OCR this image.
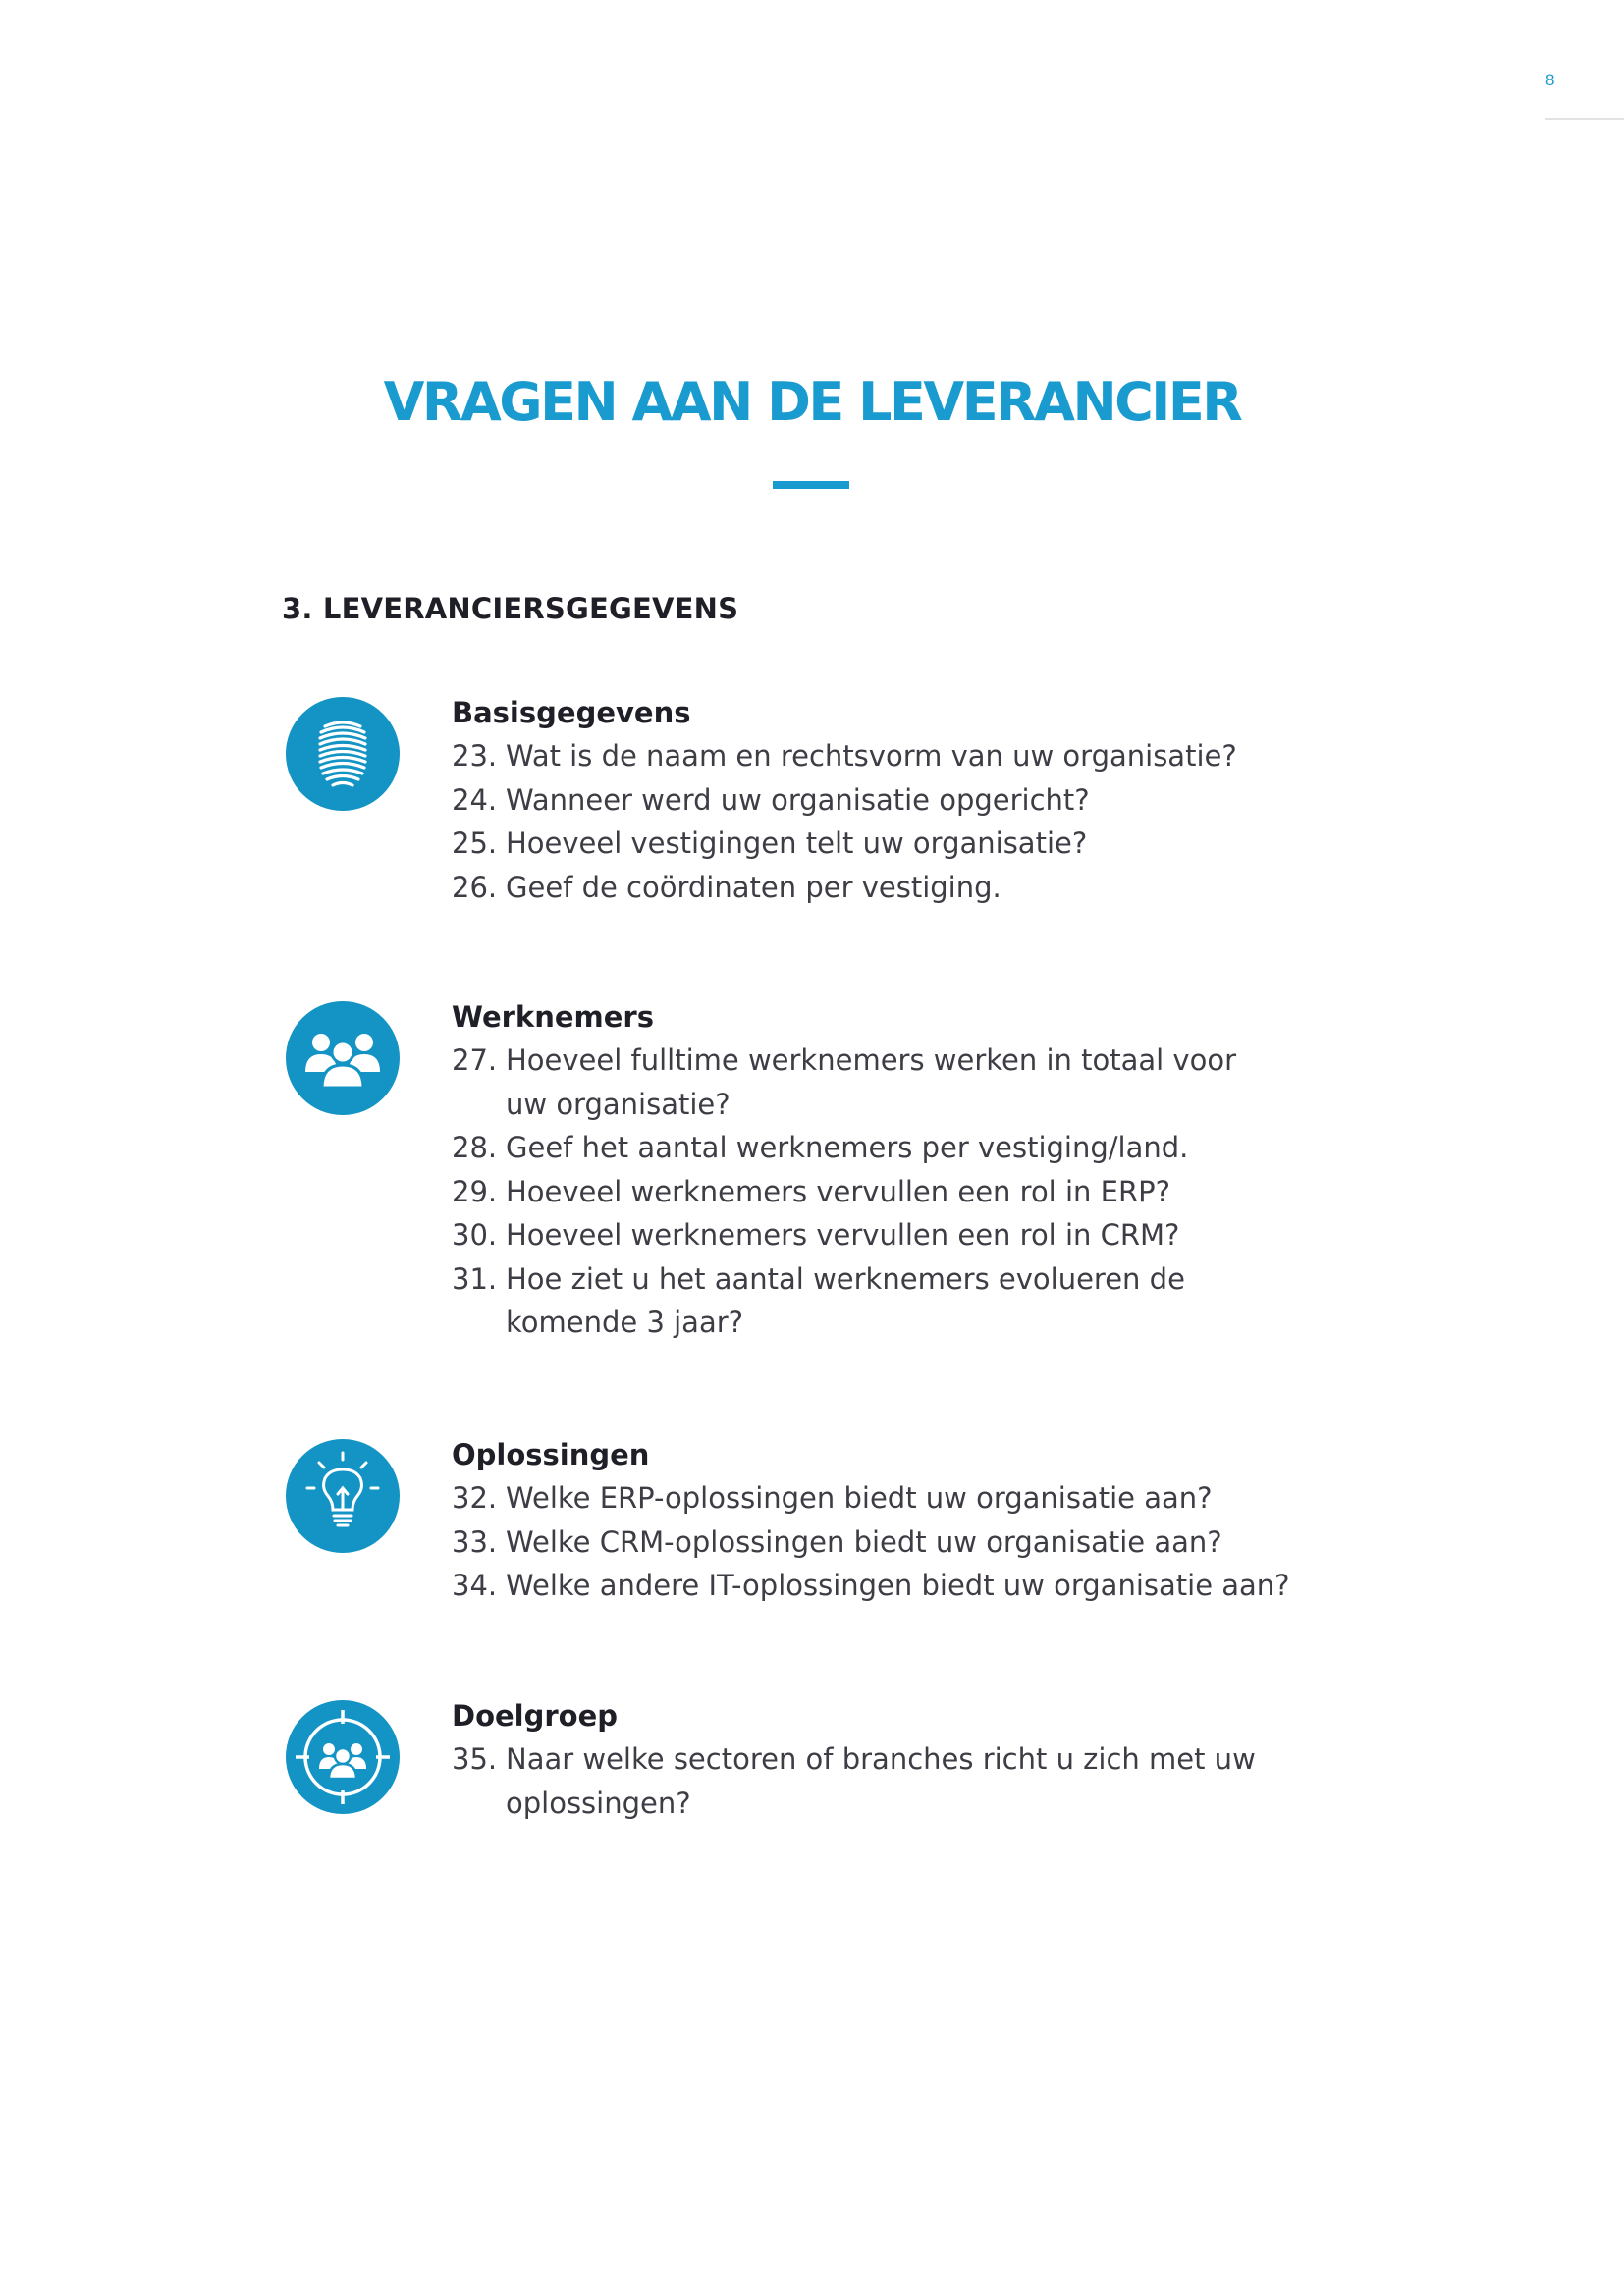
8
VRAGEN AAN DE LEVERANCIER
3. LEVERANCIERSGEGEVENS
Basisgegevens
23. Wat is de naam en rechtsvorm van uw organisatie?
24. Wanneer werd uw organisatie opgericht?
25. Hoeveel vestigingen telt uw organisatie?
26. Geef de coördinaten per vestiging.
Werknemers
27. Hoeveel fulltime werknemers werken in totaal voor uw organisatie?
28. Geef het aantal werknemers per vestiging/land.
29. Hoeveel werknemers vervullen een rol in ERP?
30. Hoeveel werknemers vervullen een rol in CRM?
31. Hoe ziet u het aantal werknemers evolueren de komende 3 jaar?
Oplossingen
32. Welke ERP-oplossingen biedt uw organisatie aan?
33. Welke CRM-oplossingen biedt uw organisatie aan?
34. Welke andere IT-oplossingen biedt uw organisatie aan?
Doelgroep
35. Naar welke sectoren of branches richt u zich met uw oplossingen?
